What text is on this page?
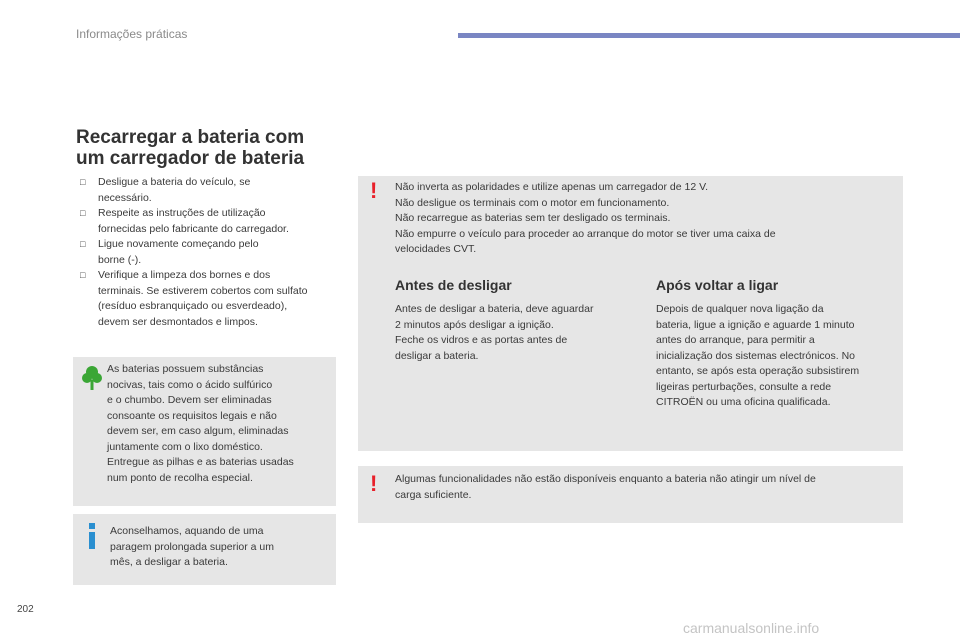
Informações práticas
Recarregar a bateria com
um carregador de bateria
□ Desligue a bateria do veículo, se
necessário.
□ Respeite as instruções de utilização
fornecidas pelo fabricante do carregador.
□ Ligue novamente começando pelo
borne (-).
□ Verifique a limpeza dos bornes e dos
terminais. Se estiverem cobertos com sulfato
(resíduo esbranquiçado ou esverdeado),
devem ser desmontados e limpos.
As baterias possuem substâncias
nocivas, tais como o ácido sulfúrico
e o chumbo. Devem ser eliminadas
consoante os requisitos legais e não
devem ser, em caso algum, eliminadas
juntamente com o lixo doméstico.
Entregue as pilhas e as baterias usadas
num ponto de recolha especial.
Aconselhamos, aquando de uma
paragem prolongada superior a um
mês, a desligar a bateria.
! Não inverta as polaridades e utilize apenas um carregador de 12 V.
Não desligue os terminais com o motor em funcionamento.
Não recarregue as baterias sem ter desligado os terminais.
Não empurre o veículo para proceder ao arranque do motor se tiver uma caixa de
velocidades CVT.
Antes de desligar
Antes de desligar a bateria, deve aguardar
2 minutos após desligar a ignição.
Feche os vidros e as portas antes de
desligar a bateria.
Após voltar a ligar
Depois de qualquer nova ligação da
bateria, ligue a ignição e aguarde 1 minuto
antes do arranque, para permitir a
inicialização dos sistemas electrónicos. No
entanto, se após esta operação subsistirem
ligeiras perturbações, consulte a rede
CITROËN ou uma oficina qualificada.
! Algumas funcionalidades não estão disponíveis enquanto a bateria não atingir um nível de
carga suficiente.
202
carmanualsonline.info
